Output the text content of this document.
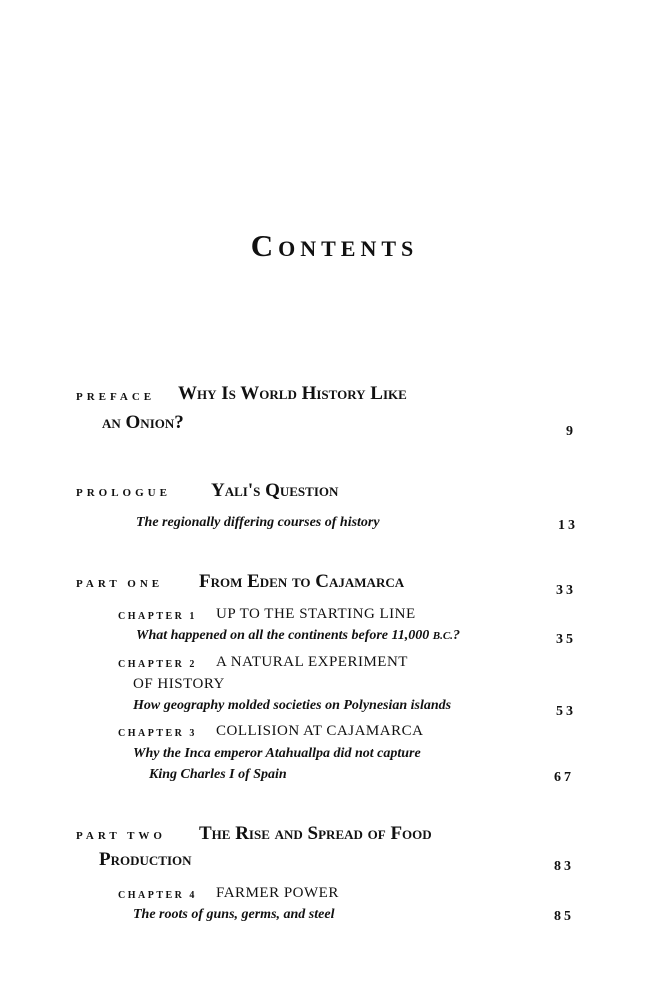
Contents
PREFACE Why Is World History Like
an Onion?	9
PROLOGUE Yali's Question
The regionally differing courses of history	13
PART ONE From Eden to Cajamarca	33
CHAPTER 1 UP TO THE STARTING LINE
What happened on all the continents before 11,000 B.C.?	35
CHAPTER 2 A NATURAL EXPERIMENT
OF HISTORY
How geography molded societies on Polynesian islands	53
CHAPTER 3 COLLISION AT CAJAMARCA
Why the Inca emperor Atahuallpa did not capture
King Charles I of Spain	67
PART TWO The Rise and Spread of Food
Production	83
CHAPTER 4 FARMER POWER
The roots of guns, germs, and steel	85
